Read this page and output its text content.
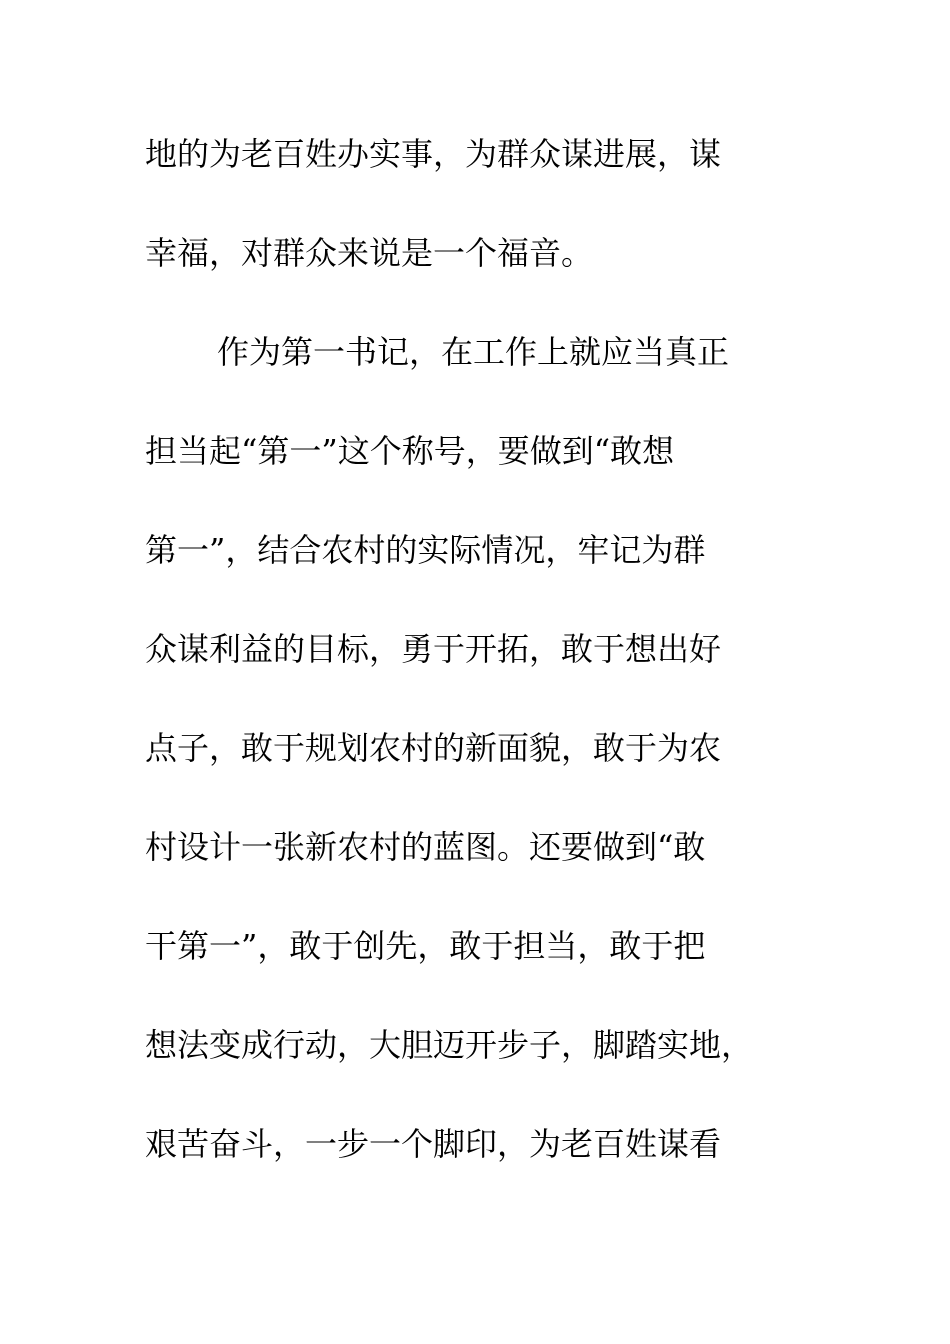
地的为老百姓办实事，为群众谋进展，谋
幸福，对群众来说是一个福音。
作为第一书记，在工作上就应当真正
担当起“第一”这个称号，要做到“敢想
第一”，结合农村的实际情况，牢记为群
众谋利益的目标，勇于开拓，敢于想出好
点子，敢于规划农村的新面貌，敢于为农
村设计一张新农村的蓝图。还要做到“敢
干第一”，敢于创先，敢于担当，敢于把
想法变成行动，大胆迈开步子，脚踏实地，
艰苦奋斗，一步一个脚印，为老百姓谋看
